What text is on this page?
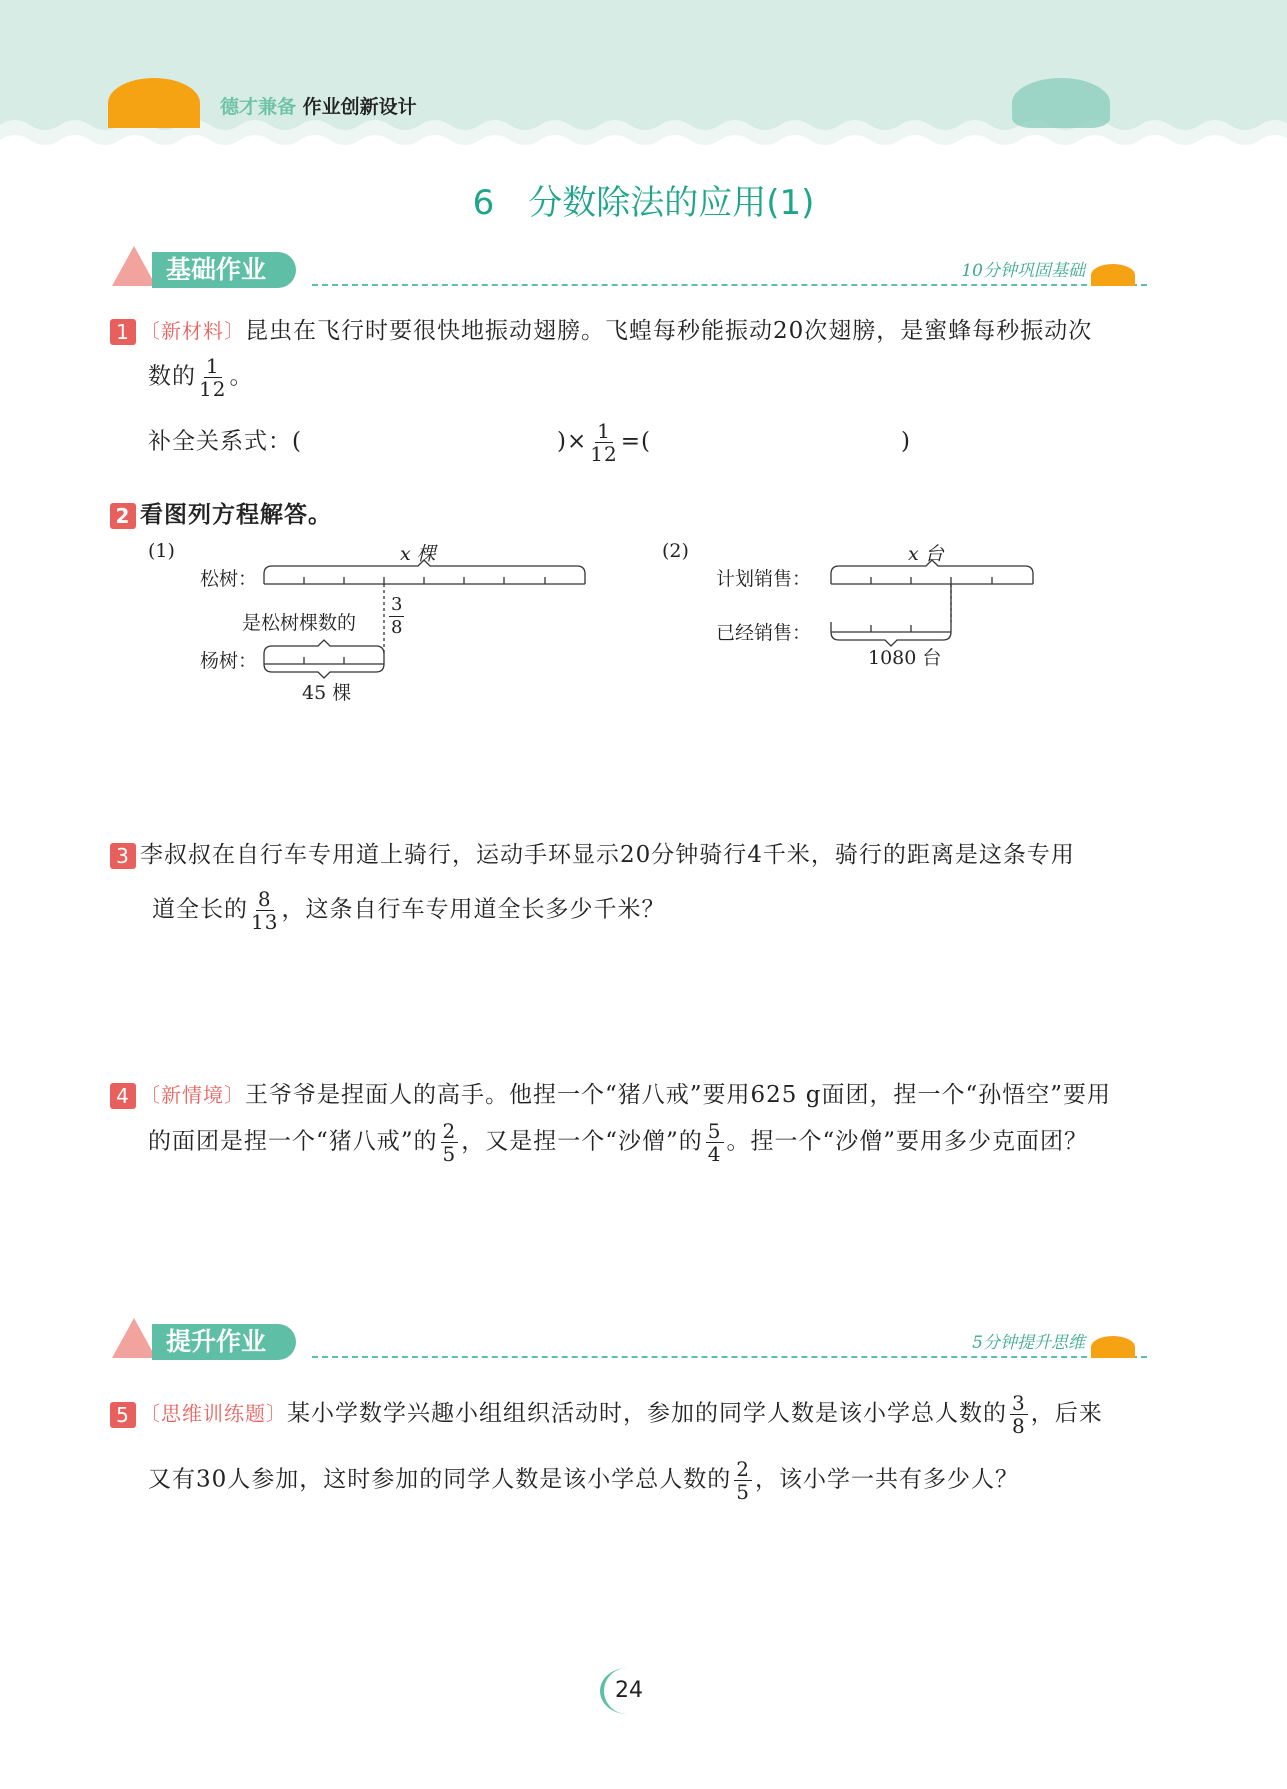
德才兼备 作业创新设计
6　分数除法的应用(1)
基础作业	10分钟巩固基础
1 〔新材料〕昆虫在飞行时要很快地振动翅膀。飞蝗每秒能振动20次翅膀，是蜜蜂每秒振动次
数的 $\frac{1}{12}$ 。
补全关系式：(	)× $\frac{1}{12}$ =(	)
2 看图列方程解答。
(1)	x 棵
松树：
是松树棵数的 $\frac{3}{8}$
杨树：
45 棵
(2)	x 台
计划销售：
已经销售：
1080 台
3 李叔叔在自行车专用道上骑行，运动手环显示20分钟骑行4千米，骑行的距离是这条专用
道全长的 $\frac{8}{13}$ ，这条自行车专用道全长多少千米？
4 〔新情境〕王爷爷是捏面人的高手。他捏一个“猪八戒”要用625 g面团，捏一个“孙悟空”要用
的面团是捏一个“猪八戒”的 $\frac{2}{5}$ ，又是捏一个“沙僧”的 $\frac{5}{4}$ 。捏一个“沙僧”要用多少克面团？
提升作业	5分钟提升思维
5 〔思维训练题〕某小学数学兴趣小组组织活动时，参加的同学人数是该小学总人数的 $\frac{3}{8}$ ，后来
又有30人参加，这时参加的同学人数是该小学总人数的 $\frac{2}{5}$ ，该小学一共有多少人？
24
